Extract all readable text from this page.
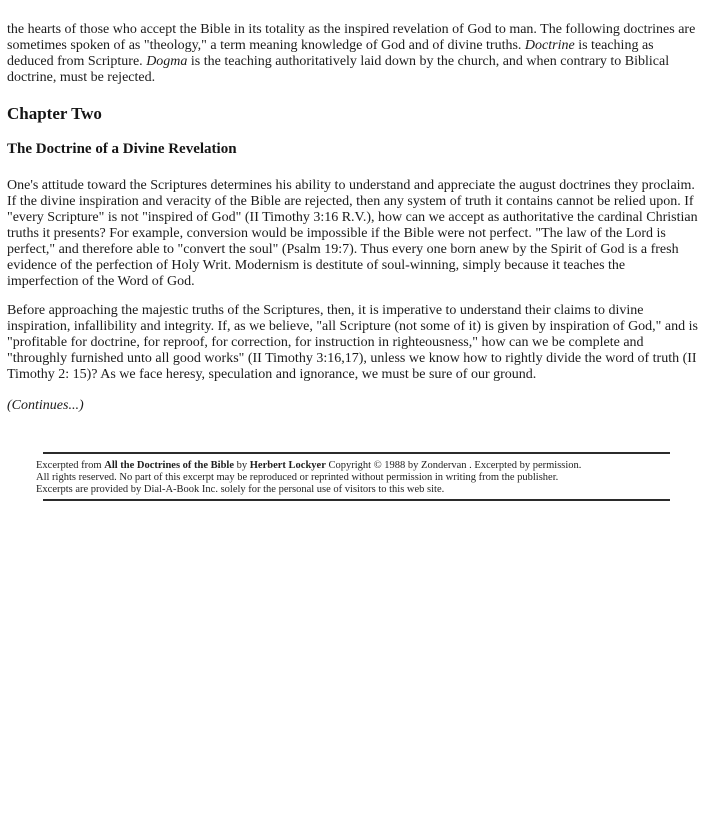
the hearts of those who accept the Bible in its totality as the inspired revelation of God to man. The following doctrines are sometimes spoken of as "theology," a term meaning knowledge of God and of divine truths. Doctrine is teaching as deduced from Scripture. Dogma is the teaching authoritatively laid down by the church, and when contrary to Biblical doctrine, must be rejected.

Chapter Two
The Doctrine of a Divine Revelation

One's attitude toward the Scriptures determines his ability to understand and appreciate the august doctrines they proclaim. If the divine inspiration and veracity of the Bible are rejected, then any system of truth it contains cannot be relied upon. If "every Scripture" is not "inspired of God" (II Timothy 3:16 R.V.), how can we accept as authoritative the cardinal Christian truths it presents? For example, conversion would be impossible if the Bible were not perfect. "The law of the Lord is perfect," and therefore able to "convert the soul" (Psalm 19:7). Thus every one born anew by the Spirit of God is a fresh evidence of the perfection of Holy Writ. Modernism is destitute of soul-winning, simply because it teaches the imperfection of the Word of God.

Before approaching the majestic truths of the Scriptures, then, it is imperative to understand their claims to divine inspiration, infallibility and integrity. If, as we believe, "all Scripture (not some of it) is given by inspiration of God," and is "profitable for doctrine, for reproof, for correction, for instruction in righteousness," how can we be complete and "throughly furnished unto all good works" (II Timothy 3:16,17), unless we know how to rightly divide the word of truth (II Timothy 2: 15)? As we face heresy, speculation and ignorance, we must be sure of our ground.

(Continues...)

Excerpted from All the Doctrines of the Bible by Herbert Lockyer Copyright © 1988 by Zondervan . Excerpted by permission.

All rights reserved. No part of this excerpt may be reproduced or reprinted without permission in writing from the publisher.

Excerpts are provided by Dial-A-Book Inc. solely for the personal use of visitors to this web site.
